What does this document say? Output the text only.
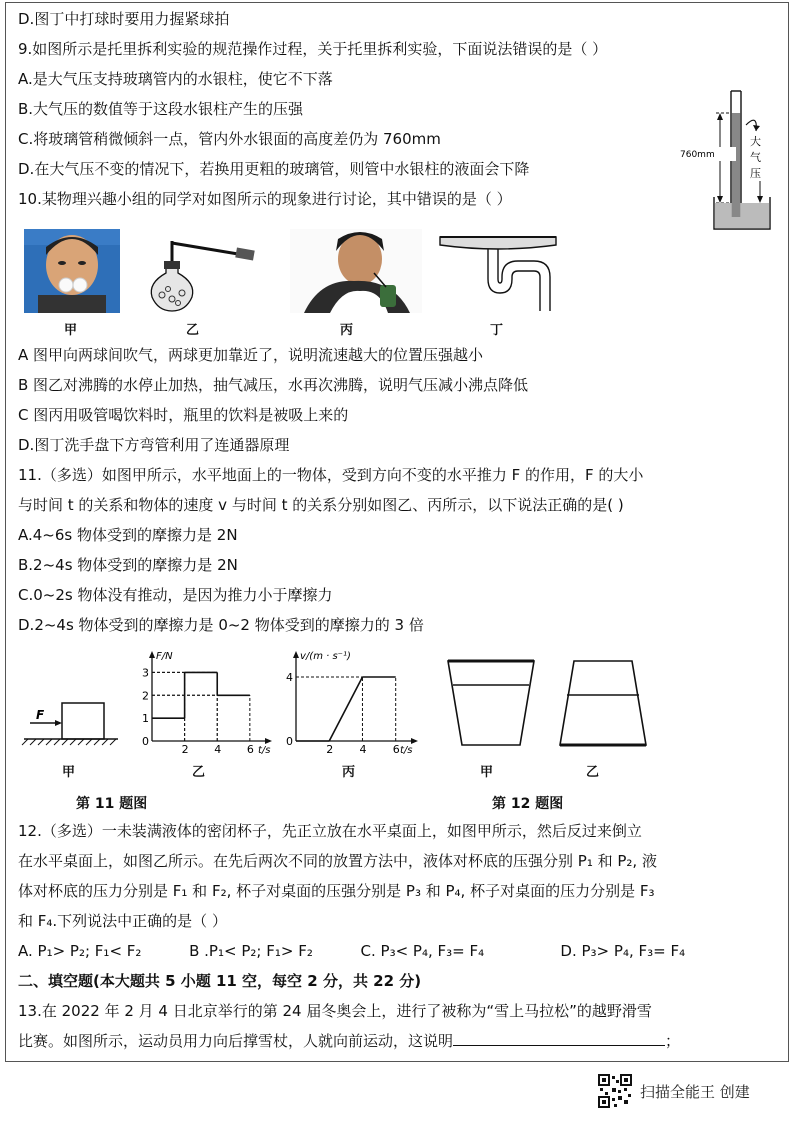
D.图丁中打球时要用力握紧球拍
9.如图所示是托里拆利实验的规范操作过程，关于托里拆利实验，下面说法错误的是（ ）
A.是大气压支持玻璃管内的水银柱，使它不下落
B.大气压的数值等于这段水银柱产生的压强
C.将玻璃管稍微倾斜一点，管内外水银面的高度差仍为 760mm
D.在大气压不变的情况下，若换用更粗的玻璃管，则管中水银柱的液面会下降
10.某物理兴趣小组的同学对如图所示的现象进行讨论，其中错误的是（ ）
760mm
大
气
压
甲	乙	丙	丁
A 图甲向两球间吹气，两球更加靠近了，说明流速越大的位置压强越小
B 图乙对沸腾的水停止加热，抽气减压，水再次沸腾，说明气压减小沸点降低
C 图丙用吸管喝饮料时，瓶里的饮料是被吸上来的
D.图丁洗手盘下方弯管利用了连通器原理
11.（多选）如图甲所示，水平地面上的一物体，受到方向不变的水平推力 F 的作用，F 的大小
与时间 t 的关系和物体的速度 v 与时间 t 的关系分别如图乙、丙所示，以下说法正确的是( )
A.4~6s 物体受到的摩擦力是 2N
B.2~4s 物体受到的摩擦力是 2N
C.0~2s 物体没有推动，是因为推力小于摩擦力
D.2~4s 物体受到的摩擦力是 0~2 物体受到的摩擦力的 3 倍
F
F/N
t/s
2 4 6
3
2
1
0
v/(m · s⁻¹)
t/s
2 4 6
4
0
甲	乙	丙
第 11 题图
甲	乙
第 12 题图
12.（多选）一未装满液体的密闭杯子，先正立放在水平桌面上，如图甲所示，然后反过来倒立
在水平桌面上，如图乙所示。在先后两次不同的放置方法中，液体对杯底的压强分别 P₁ 和 P₂, 液
体对杯底的压力分别是 F₁ 和 F₂, 杯子对桌面的压强分别是 P₃ 和 P₄, 杯子对桌面的压力分别是 F₃
和 F₄.下列说法中正确的是（ ）
A. P₁> P₂; F₁< F₂          B .P₁< P₂; F₁> F₂          C. P₃< P₄, F₃= F₄                D. P₃> P₄, F₃= F₄
二、填空题(本大题共 5 小题 11 空，每空 2 分，共 22 分)
13.在 2022 年 2 月 4 日北京举行的第 24 届冬奥会上，进行了被称为“雪上马拉松”的越野滑雪
比赛。如图所示，运动员用力向后撑雪杖，人就向前运动，这说明	；
扫描全能王 创建
